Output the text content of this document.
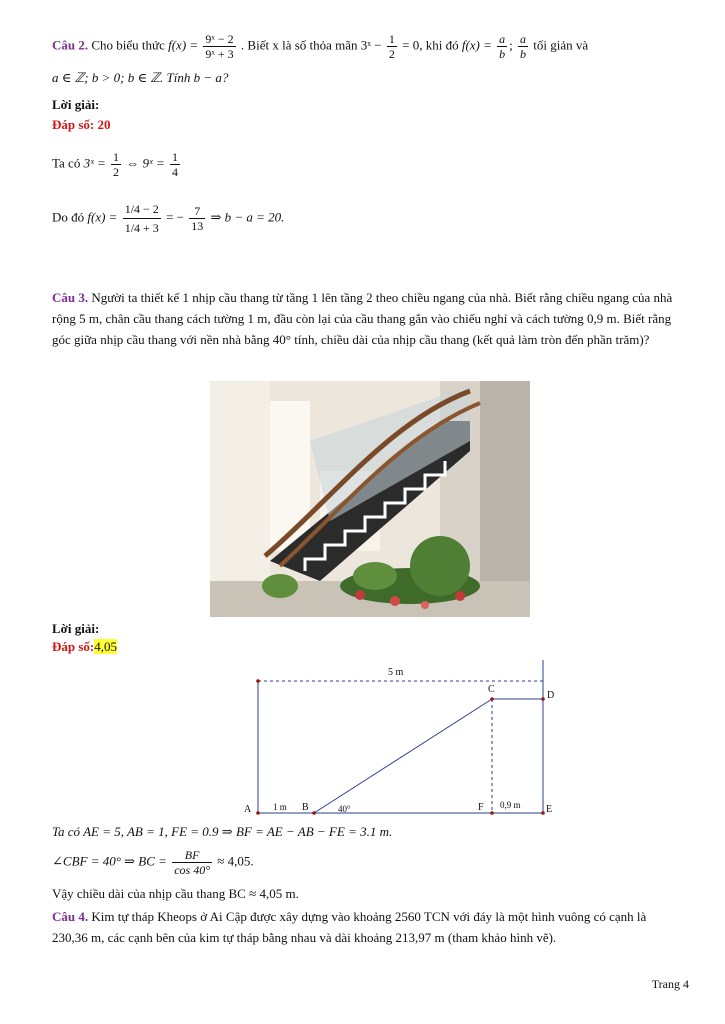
Câu 2. Cho biểu thức $f(x) = \frac{\text{9ˣ − 2}}{\text{9ˣ + 3}}$ . Biết x là số thỏa mãn 3ˣ − $\frac{1}{2} = 0$, khi đó $f(x) = \frac{a}{b}$ ; $\frac{a}{b}$ tối giản và
a ∈ ℤ; b > 0; b ∈ ℤ. Tính b − a?
Lời giải:
Đáp số: 20
Ta có 3ˣ = $\frac{1}{2}$ ⇔ 9ˣ = $\frac{1}{4}$
Do đó $f(x) = \frac{1/4 - 2}{1/4 + 3}$ = − $\frac{7}{13}$ ⇒ b − a = 20.
Câu 3. Người ta thiết kế 1 nhịp cầu thang từ tầng 1 lên tầng 2 theo chiều ngang của nhà. Biết rằng chiều ngang của nhà rộng 5 m, chân cầu thang cách tường 1 m, đầu còn lại của cầu thang gắn vào chiếu nghỉ và cách tường 0,9 m. Biết rằng góc giữa nhịp cầu thang với nền nhà bằng 40° tính, chiều dài của nhịp cầu thang (kết quả làm tròn đến phần trăm)?
Lời giải:
Đáp số:4,05
5 m
A	B
C
D
E
F
1 m	40°	0,9 m
Ta có AE = 5, AB = 1, FE = 0.9 ⇒ BF = AE − AB − FE = 3.1 m.
∠CBF = 40° ⇒ BC = $\frac{BF}{\cos 40^\circ} \approx 4,05$.
Vậy chiều dài của nhịp cầu thang BC ≈ 4,05 m.
Câu 4. Kim tự tháp Kheops ở Ai Cập được xây dựng vào khoảng 2560 TCN với đáy là một hình vuông có cạnh là 230,36 m, các cạnh bên của kim tự tháp bằng nhau và dài khoảng 213,97 m (tham khảo hình vẽ).
Trang 4
